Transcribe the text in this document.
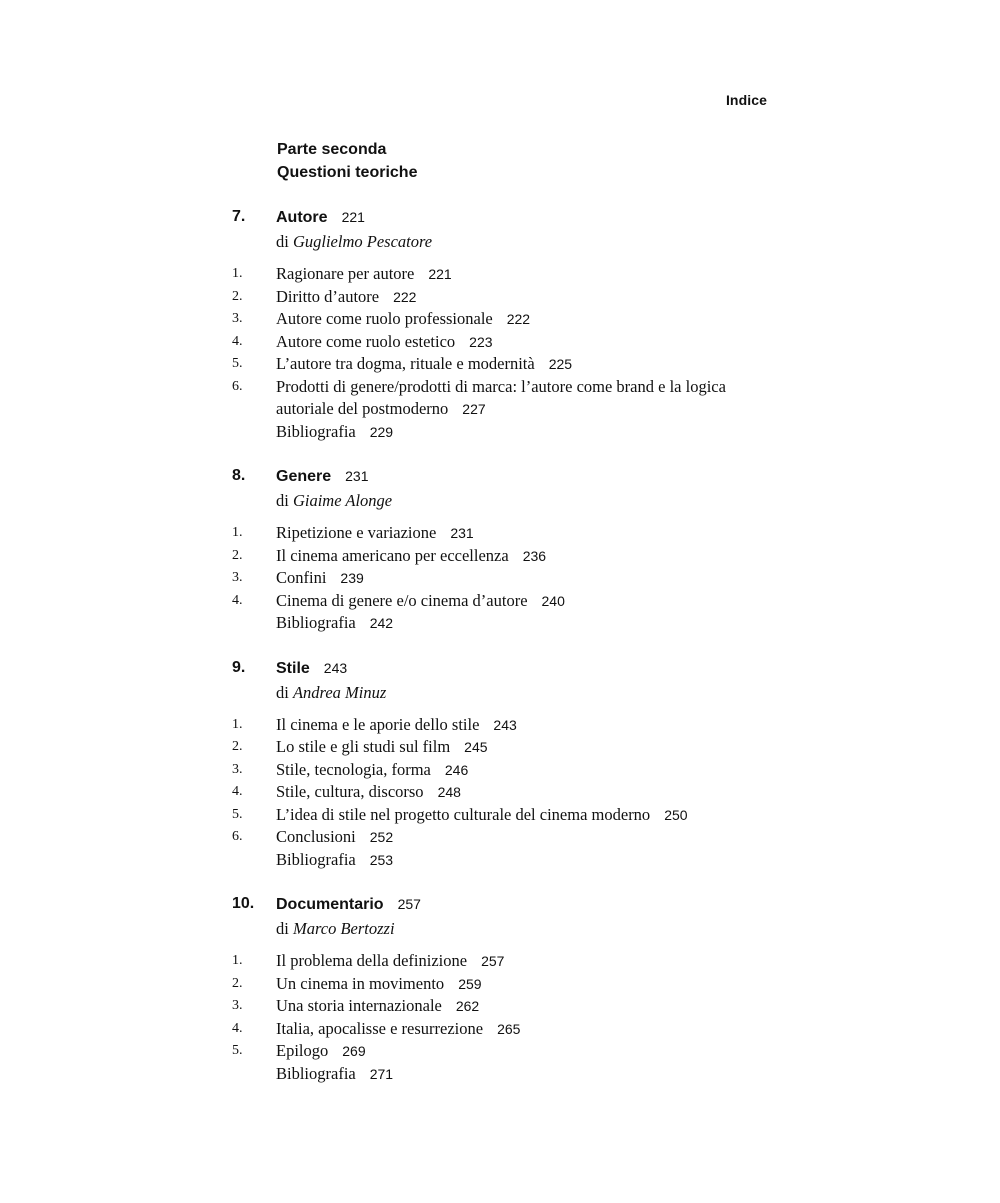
Indice
Parte seconda
Questioni teoriche
7.	Autore 221
di Guglielmo Pescatore
1.	Ragionare per autore 221
2.	Diritto d’autore 222
3.	Autore come ruolo professionale 222
4.	Autore come ruolo estetico 223
5.	L’autore tra dogma, rituale e modernità 225
6.	Prodotti di genere/prodotti di marca: l’autore come brand e la logica autoriale del postmoderno 227
Bibliografia 229
8.	Genere 231
di Giaime Alonge
1.	Ripetizione e variazione 231
2.	Il cinema americano per eccellenza 236
3.	Confini 239
4.	Cinema di genere e/o cinema d’autore 240
Bibliografia 242
9.	Stile 243
di Andrea Minuz
1.	Il cinema e le aporie dello stile 243
2.	Lo stile e gli studi sul film 245
3.	Stile, tecnologia, forma 246
4.	Stile, cultura, discorso 248
5.	L’idea di stile nel progetto culturale del cinema moderno 250
6.	Conclusioni 252
Bibliografia 253
10.	Documentario 257
di Marco Bertozzi
1.	Il problema della definizione 257
2.	Un cinema in movimento 259
3.	Una storia internazionale 262
4.	Italia, apocalisse e resurrezione 265
5.	Epilogo 269
Bibliografia 271
